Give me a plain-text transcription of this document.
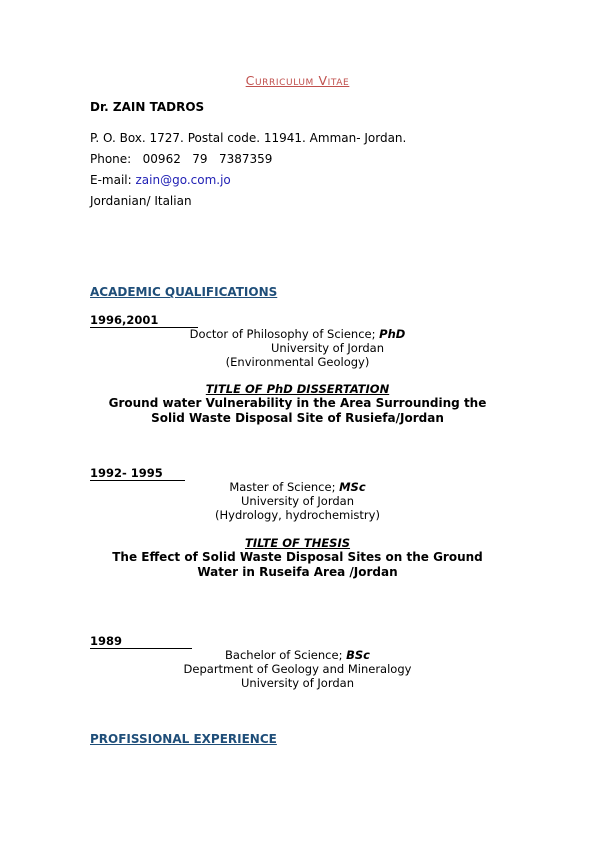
Curriculum Vitae
Dr. ZAIN TADROS
P. O. Box. 1727. Postal code. 11941. Amman- Jordan.
Phone:   00962   79   7387359
E-mail: zain@go.com.jo
Jordanian/ Italian
ACADEMIC QUALIFICATIONS
1996,2001
Doctor of Philosophy of Science; PhD
University of Jordan
(Environmental Geology)
TITLE OF PhD DISSERTATION
Ground water Vulnerability in the Area Surrounding the
Solid Waste Disposal Site of Rusiefa/Jordan
1992- 1995
Master of Science; MSc
University of Jordan
(Hydrology, hydrochemistry)
TILTE OF THESIS
The Effect of Solid Waste Disposal Sites on the Ground
Water in Ruseifa Area /Jordan
1989
Bachelor of Science; BSc
Department of Geology and Mineralogy
University of Jordan
PROFISSIONAL EXPERIENCE
